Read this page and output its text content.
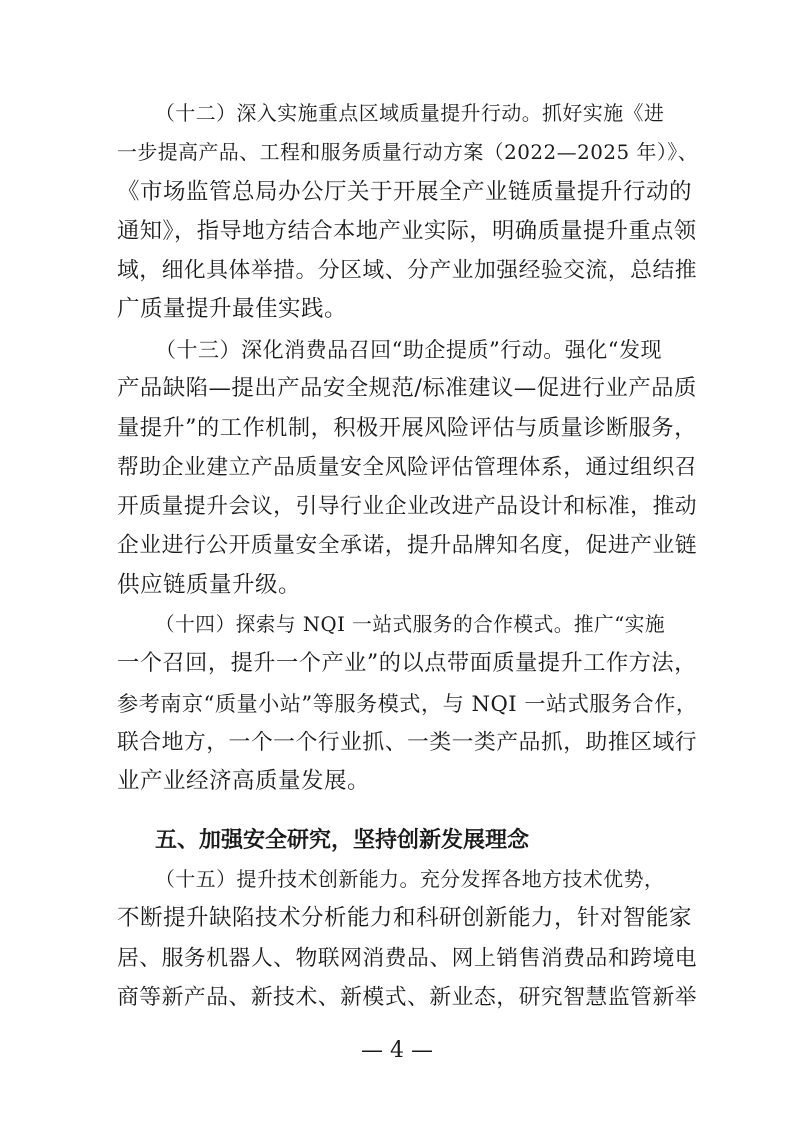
（十二）深入实施重点区域质量提升行动。抓好实施《进
一步提高产品、工程和服务质量行动方案（2022—2025 年）》、
《市场监管总局办公厅关于开展全产业链质量提升行动的
通知》，指导地方结合本地产业实际，明确质量提升重点领
域，细化具体举措。分区域、分产业加强经验交流，总结推
广质量提升最佳实践。
（十三）深化消费品召回“助企提质”行动。强化“发现
产品缺陷—提出产品安全规范/标准建议—促进行业产品质
量提升”的工作机制，积极开展风险评估与质量诊断服务，
帮助企业建立产品质量安全风险评估管理体系，通过组织召
开质量提升会议，引导行业企业改进产品设计和标准，推动
企业进行公开质量安全承诺，提升品牌知名度，促进产业链
供应链质量升级。
（十四）探索与 NQI 一站式服务的合作模式。推广“实施
一个召回，提升一个产业”的以点带面质量提升工作方法，
参考南京“质量小站”等服务模式，与 NQI 一站式服务合作，
联合地方，一个一个行业抓、一类一类产品抓，助推区域行
业产业经济高质量发展。
五、加强安全研究，坚持创新发展理念
（十五）提升技术创新能力。充分发挥各地方技术优势，
不断提升缺陷技术分析能力和科研创新能力，针对智能家
居、服务机器人、物联网消费品、网上销售消费品和跨境电
商等新产品、新技术、新模式、新业态，研究智慧监管新举
— 4 —
